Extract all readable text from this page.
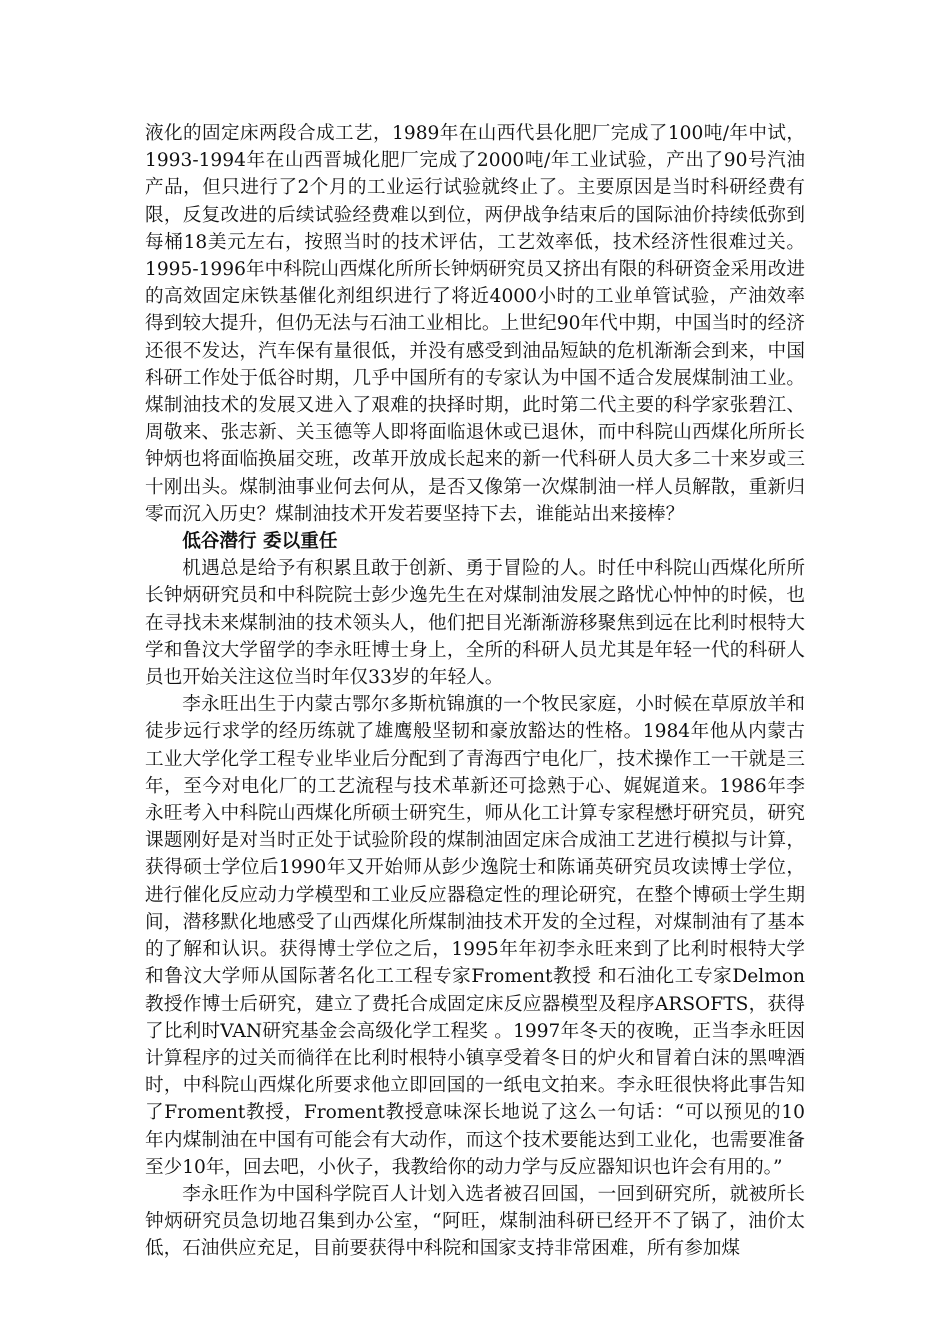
液化的固定床两段合成工艺，1989年在山西代县化肥厂完成了100吨/年中试，1993-1994年在山西晋城化肥厂完成了2000吨/年工业试验，产出了90号汽油产品，但只进行了2个月的工业运行试验就终止了。主要原因是当时科研经费有限，反复改进的后续试验经费难以到位，两伊战争结束后的国际油价持续低弥到每桶18美元左右，按照当时的技术评估，工艺效率低，技术经济性很难过关。1995-1996年中科院山西煤化所所长钟炳研究员又挤出有限的科研资金采用改进的高效固定床铁基催化剂组织进行了将近4000小时的工业单管试验，产油效率得到较大提升，但仍无法与石油工业相比。上世纪90年代中期，中国当时的经济还很不发达，汽车保有量很低，并没有感受到油品短缺的危机渐渐会到来，中国科研工作处于低谷时期，几乎中国所有的专家认为中国不适合发展煤制油工业。煤制油技术的发展又进入了艰难的抉择时期，此时第二代主要的科学家张碧江、周敬来、张志新、关玉德等人即将面临退休或已退休，而中科院山西煤化所所长钟炳也将面临换届交班，改革开放成长起来的新一代科研人员大多二十来岁或三十刚出头。煤制油事业何去何从，是否又像第一次煤制油一样人员解散，重新归零而沉入历史？煤制油技术开发若要坚持下去，谁能站出来接棒？

低谷潜行 委以重任

机遇总是给予有积累且敢于创新、勇于冒险的人。时任中科院山西煤化所所长钟炳研究员和中科院院士彭少逸先生在对煤制油发展之路忧心忡忡的时候，也在寻找未来煤制油的技术领头人，他们把目光渐渐游移聚焦到远在比利时根特大学和鲁汶大学留学的李永旺博士身上，全所的科研人员尤其是年轻一代的科研人员也开始关注这位当时年仅33岁的年轻人。

李永旺出生于内蒙古鄂尔多斯杭锦旗的一个牧民家庭，小时候在草原放羊和徒步远行求学的经历练就了雄鹰般坚韧和豪放豁达的性格。1984年他从内蒙古工业大学化学工程专业毕业后分配到了青海西宁电化厂，技术操作工一干就是三年，至今对电化厂的工艺流程与技术革新还可捻熟于心、娓娓道来。1986年李永旺考入中科院山西煤化所硕士研究生，师从化工计算专家程懋圩研究员，研究课题刚好是对当时正处于试验阶段的煤制油固定床合成油工艺进行模拟与计算，获得硕士学位后1990年又开始师从彭少逸院士和陈诵英研究员攻读博士学位，进行催化反应动力学模型和工业反应器稳定性的理论研究，在整个博硕士学生期间，潜移默化地感受了山西煤化所煤制油技术开发的全过程，对煤制油有了基本的了解和认识。获得博士学位之后，1995年年初李永旺来到了比利时根特大学和鲁汶大学师从国际著名化工工程专家Froment教授 和石油化工专家Delmon教授作博士后研究，建立了费托合成固定床反应器模型及程序ARSOFTS，获得了比利时VAN研究基金会高级化学工程奖 。1997年冬天的夜晚，正当李永旺因计算程序的过关而徜徉在比利时根特小镇享受着冬日的炉火和冒着白沫的黑啤酒时，中科院山西煤化所要求他立即回国的一纸电文拍来。李永旺很快将此事告知了Froment教授，Froment教授意味深长地说了这么一句话：“可以预见的10年内煤制油在中国有可能会有大动作，而这个技术要能达到工业化，也需要准备至少10年，回去吧，小伙子，我教给你的动力学与反应器知识也许会有用的。”

李永旺作为中国科学院百人计划入选者被召回国，一回到研究所，就被所长钟炳研究员急切地召集到办公室，“阿旺，煤制油科研已经开不了锅了，油价太低，石油供应充足，目前要获得中科院和国家支持非常困难，所有参加煤
